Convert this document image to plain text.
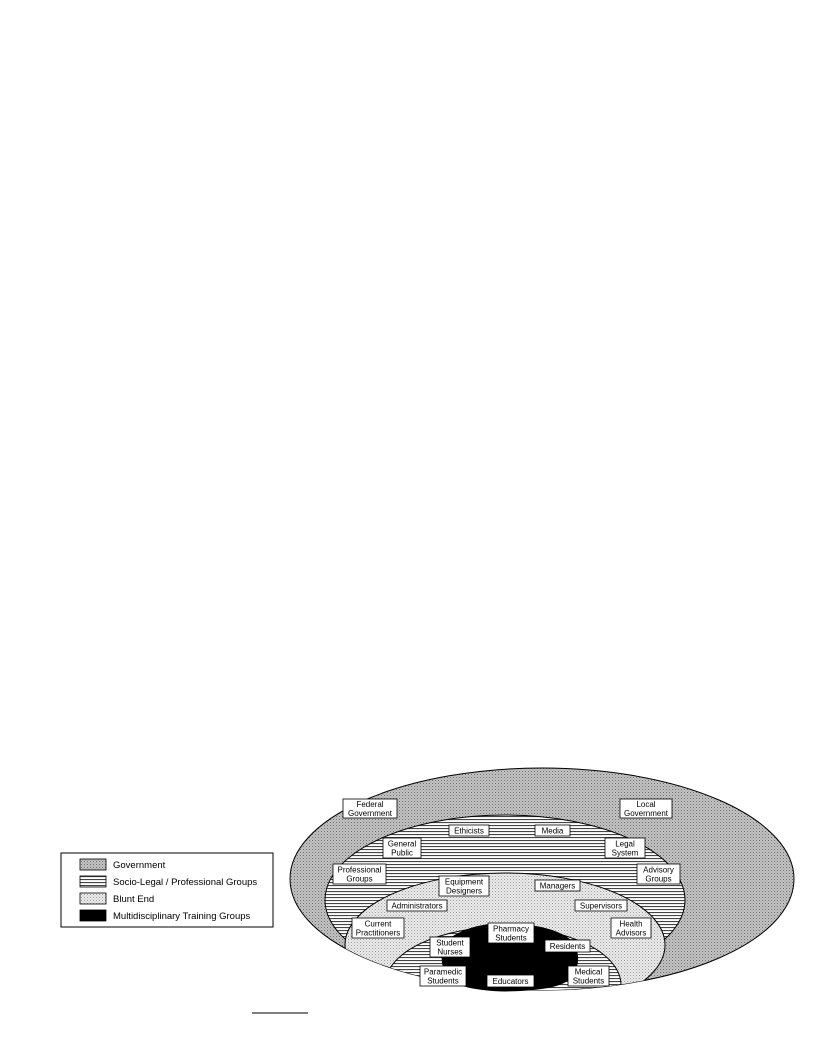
Government
Socio-Legal / Professional Groups
Blunt End
Multidisciplinary Training Groups
Federal
Government
Local
Government
Ethicists	Media
General
Public
Legal
System
Professional
Groups
Advisory
Groups
Equipment
Designers
Managers
Administrators	Supervisors
Current
Practitioners
Health
Advisors
Pharmacy
Students
Student
Nurses
Residents
Paramedic
Students	Educators
Medical
Students
